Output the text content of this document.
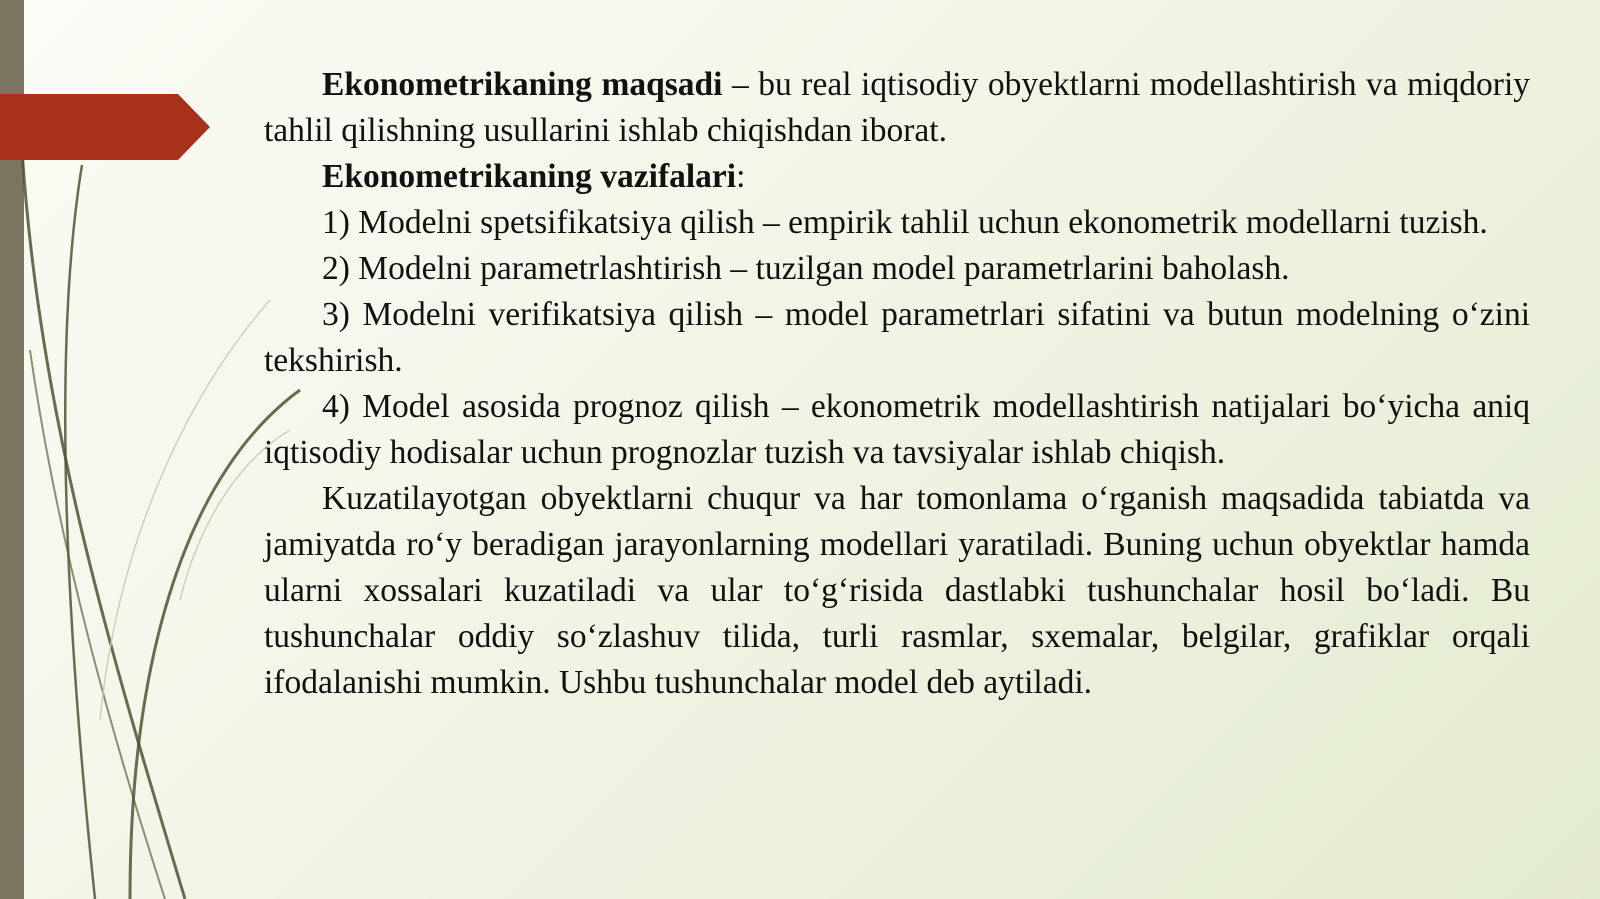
Ekonometrikaning maqsadi – bu real iqtisodiy obyektlarni modellashtirish va miqdoriy tahlil qilishning usullarini ishlab chiqishdan iborat.

Ekonometrikaning vazifalari:

1) Modelni spetsifikatsiya qilish – empirik tahlil uchun ekonometrik modellarni tuzish.

2) Modelni parametrlashtirish – tuzilgan model parametrlarini baholash.

3) Modelni verifikatsiya qilish – model parametrlari sifatini va butun modelning o‘zini tekshirish.

4) Model asosida prognoz qilish – ekonometrik modellashtirish natijalari bo‘yicha aniq iqtisodiy hodisalar uchun prognozlar tuzish va tavsiyalar ishlab chiqish.

Kuzatilayotgan obyektlarni chuqur va har tomonlama o‘rganish maqsadida tabiatda va jamiyatda ro‘y beradigan jarayonlarning modellari yaratiladi. Buning uchun obyektlar hamda ularni xossalari kuzatiladi va ular to‘g‘risida dastlabki tushunchalar hosil bo‘ladi. Bu tushunchalar oddiy so‘zlashuv tilida, turli rasmlar, sxemalar, belgilar, grafiklar orqali ifodalanishi mumkin. Ushbu tushunchalar model deb aytiladi.
